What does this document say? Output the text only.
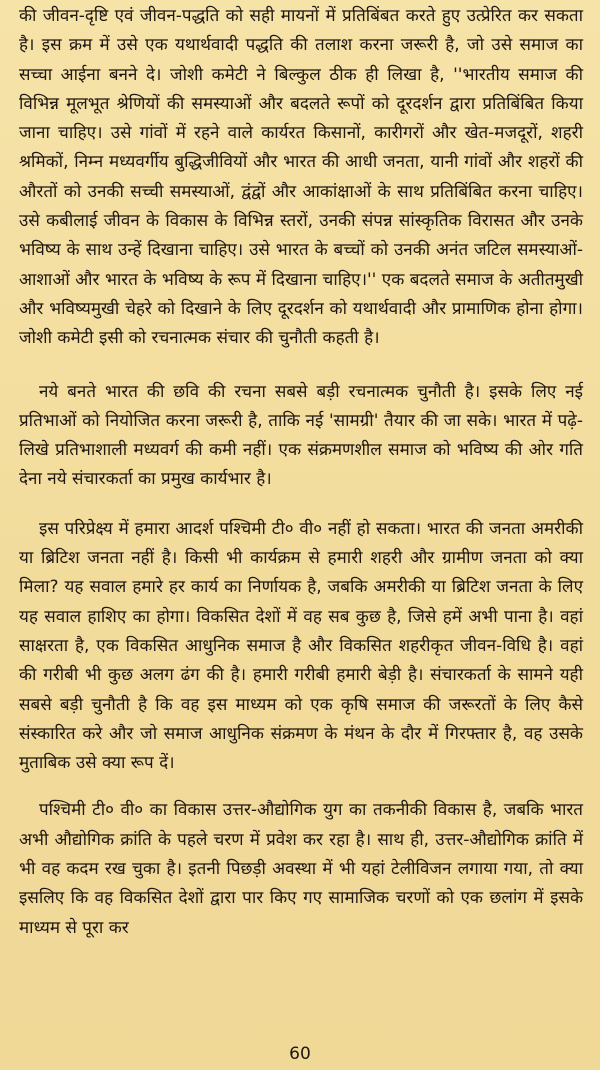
की जीवन-दृष्टि एवं जीवन-पद्धति को सही मायनों में प्रतिबिंबत करते हुए उत्प्रेरित कर सकता है। इस क्रम में उसे एक यथार्थवादी पद्धति की तलाश करना जरूरी है, जो उसे समाज का सच्चा आईना बनने दे। जोशी कमेटी ने बिल्कुल ठीक ही लिखा है, ''भारतीय समाज की विभिन्न मूलभूत श्रेणियों की समस्याओं और बदलते रूपों को दूरदर्शन द्वारा प्रतिबिंबित किया जाना चाहिए। उसे गांवों में रहने वाले कार्यरत किसानों, कारीगरों और खेत-मजदूरों, शहरी श्रमिकों, निम्न मध्यवर्गीय बुद्धिजीवियों और भारत की आधी जनता, यानी गांवों और शहरों की औरतों को उनकी सच्ची समस्याओं, द्वंद्वों और आकांक्षाओं के साथ प्रतिबिंबित करना चाहिए। उसे कबीलाई जीवन के विकास के विभिन्न स्तरों, उनकी संपन्न सांस्कृतिक विरासत और उनके भविष्य के साथ उन्हें दिखाना चाहिए। उसे भारत के बच्चों को उनकी अनंत जटिल समस्याओं-आशाओं और भारत के भविष्य के रूप में दिखाना चाहिए।'' एक बदलते समाज के अतीतमुखी और भविष्यमुखी चेहरे को दिखाने के लिए दूरदर्शन को यथार्थवादी और प्रामाणिक होना होगा। जोशी कमेटी इसी को रचनात्मक संचार की चुनौती कहती है।

नये बनते भारत की छवि की रचना सबसे बड़ी रचनात्मक चुनौती है। इसके लिए नई प्रतिभाओं को नियोजित करना जरूरी है, ताकि नई 'सामग्री' तैयार की जा सके। भारत में पढ़े-लिखे प्रतिभाशाली मध्यवर्ग की कमी नहीं। एक संक्रमणशील समाज को भविष्य की ओर गति देना नये संचारकर्ता का प्रमुख कार्यभार है।

इस परिप्रेक्ष्य में हमारा आदर्श पश्चिमी टी० वी० नहीं हो सकता। भारत की जनता अमरीकी या ब्रिटिश जनता नहीं है। किसी भी कार्यक्रम से हमारी शहरी और ग्रामीण जनता को क्या मिला? यह सवाल हमारे हर कार्य का निर्णायक है, जबकि अमरीकी या ब्रिटिश जनता के लिए यह सवाल हाशिए का होगा। विकसित देशों में वह सब कुछ है, जिसे हमें अभी पाना है। वहां साक्षरता है, एक विकसित आधुनिक समाज है और विकसित शहरीकृत जीवन-विधि है। वहां की गरीबी भी कुछ अलग ढंग की है। हमारी गरीबी हमारी बेड़ी है। संचारकर्ता के सामने यही सबसे बड़ी चुनौती है कि वह इस माध्यम को एक कृषि समाज की जरूरतों के लिए कैसे संस्कारित करे और जो समाज आधुनिक संक्रमण के मंथन के दौर में गिरफ्तार है, वह उसके मुताबिक उसे क्या रूप दें।

पश्चिमी टी० वी० का विकास उत्तर-औद्योगिक युग का तकनीकी विकास है, जबकि भारत अभी औद्योगिक क्रांति के पहले चरण में प्रवेश कर रहा है। साथ ही, उत्तर-औद्योगिक क्रांति में भी वह कदम रख चुका है। इतनी पिछड़ी अवस्था में भी यहां टेलीविजन लगाया गया, तो क्या इसलिए कि वह विकसित देशों द्वारा पार किए गए सामाजिक चरणों को एक छलांग में इसके माध्यम से पूरा कर

60
